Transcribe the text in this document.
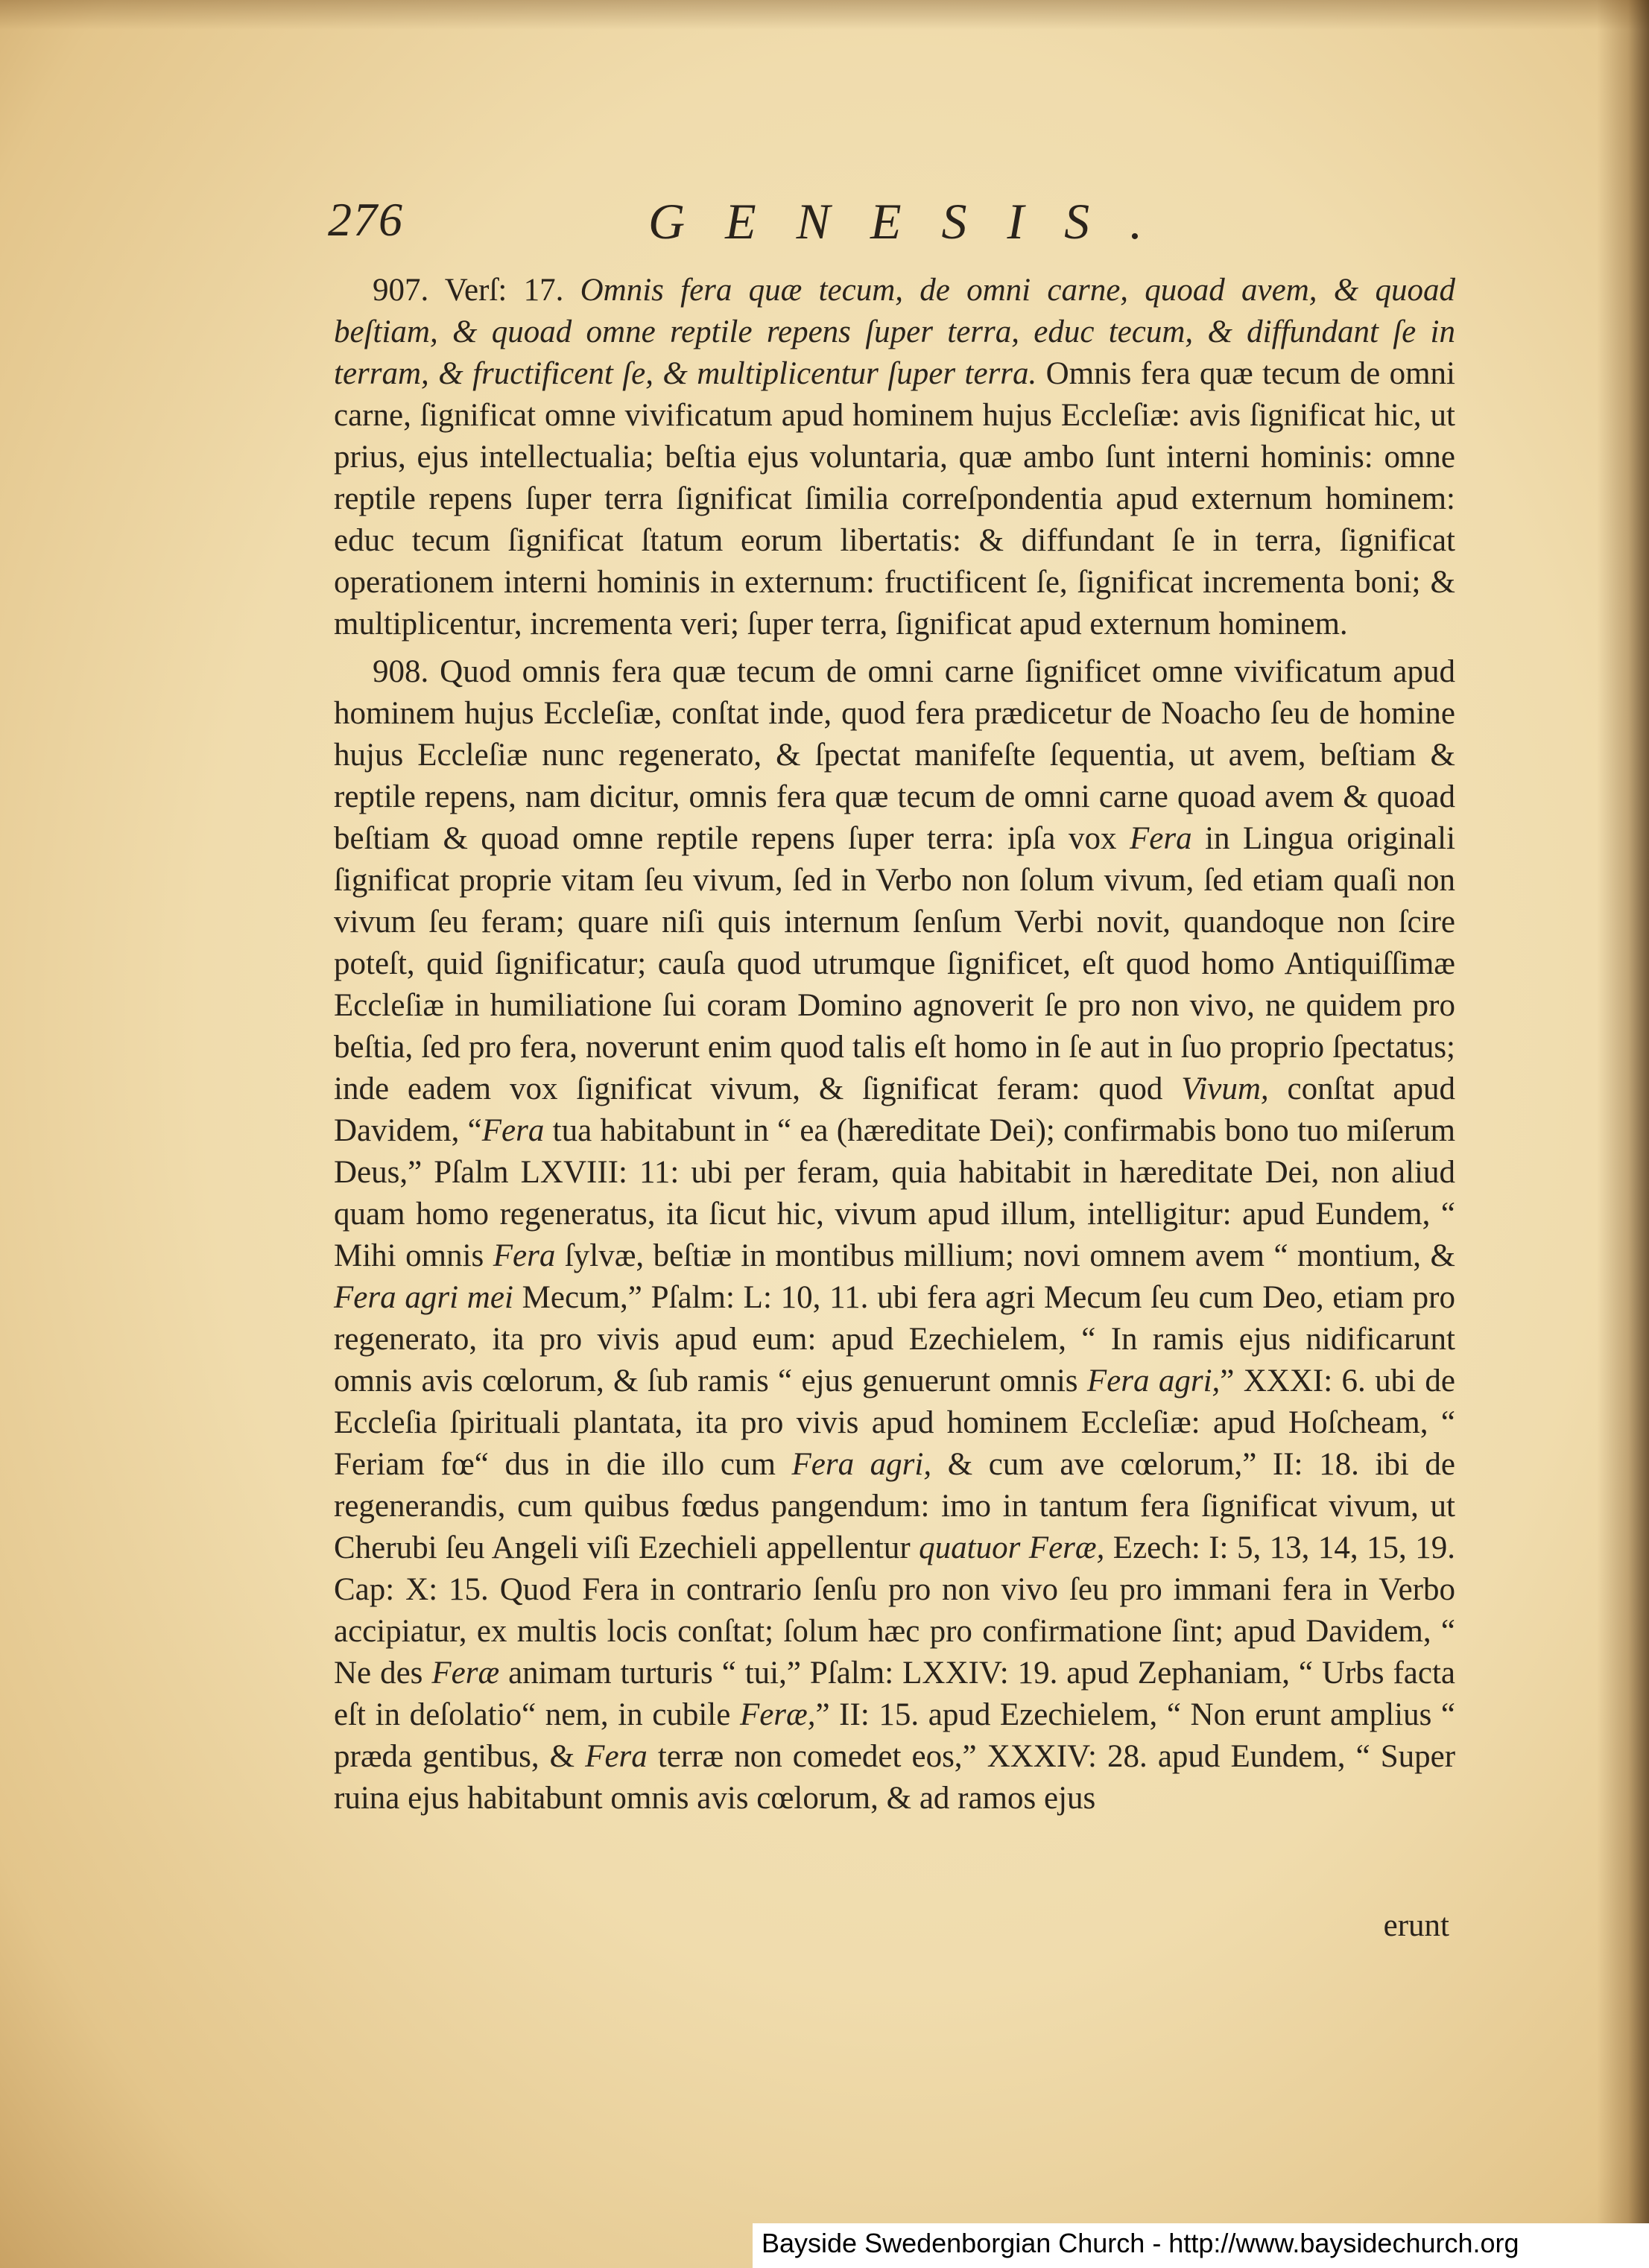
276	GENESIS.

907. Verſ: 17. Omnis fera quæ tecum, de omni carne, quoad avem, & quoad beſtiam, & quoad omne reptile repens ſuper terra, educ tecum, & diffundant ſe in terram, & fructificent ſe, & multiplicentur ſuper terra. Omnis fera quæ tecum de omni carne, ſignificat omne vivificatum apud hominem hujus Eccleſiæ: avis ſignificat hic, ut prius, ejus intellectualia; beſtia ejus voluntaria, quæ ambo ſunt interni hominis: omne reptile repens ſuper terra ſignificat ſimilia correſpondentia apud externum hominem: educ tecum ſignificat ſtatum eorum libertatis: & diffundant ſe in terra, ſignificat operationem interni hominis in externum: fructificent ſe, ſignificat incrementa boni; & multiplicentur, incrementa veri; ſuper terra, ſignificat apud externum hominem.

908. Quod omnis fera quæ tecum de omni carne ſignificet omne vivificatum apud hominem hujus Eccleſiæ, conſtat inde, quod fera prædicetur de Noacho ſeu de homine hujus Eccleſiæ nunc regenerato, & ſpectat manifeſte ſequentia, ut avem, beſtiam & reptile repens, nam dicitur, omnis fera quæ tecum de omni carne quoad avem & quoad beſtiam & quoad omne reptile repens ſuper terra: ipſa vox Fera in Lingua originali ſignificat proprie vitam ſeu vivum, ſed in Verbo non ſolum vivum, ſed etiam quaſi non vivum ſeu feram; quare niſi quis internum ſenſum Verbi novit, quandoque non ſcire poteſt, quid ſignificatur; cauſa quod utrumque ſignificet, eſt quod homo Antiquiſſimæ Eccleſiæ in humiliatione ſui coram Domino agnoverit ſe pro non vivo, ne quidem pro beſtia, ſed pro fera, noverunt enim quod talis eſt homo in ſe aut in ſuo proprio ſpectatus; inde eadem vox ſignificat vivum, & ſignificat feram: quod Vivum, conſtat apud Davidem, “Fera tua habitabunt in “ ea (hæreditate Dei); confirmabis bono tuo miſerum Deus,” Pſalm LXVIII: 11: ubi per feram, quia habitabit in hæreditate Dei, non aliud quam homo regeneratus, ita ſicut hic, vivum apud illum, intelligitur: apud Eundem, “ Mihi omnis Fera ſylvæ, beſtiæ in montibus millium; novi omnem avem “ montium, & Fera agri mei Mecum,” Pſalm: L: 10, 11. ubi fera agri Mecum ſeu cum Deo, etiam pro regenerato, ita pro vivis apud eum: apud Ezechielem, “ In ramis ejus nidificarunt omnis avis cœlorum, & ſub ramis “ ejus genuerunt omnis Fera agri,” XXXI: 6. ubi de Eccleſia ſpirituali plantata, ita pro vivis apud hominem Eccleſiæ: apud Hoſcheam, “ Feriam fœ“ dus in die illo cum Fera agri, & cum ave cœlorum,” II: 18. ibi de regenerandis, cum quibus fœdus pangendum: imo in tantum fera ſignificat vivum, ut Cherubi ſeu Angeli viſi Ezechieli appellentur quatuor Feræ, Ezech: I: 5, 13, 14, 15, 19. Cap: X: 15. Quod Fera in contrario ſenſu pro non vivo ſeu pro immani fera in Verbo accipiatur, ex multis locis conſtat; ſolum hæc pro confirmatione ſint; apud Davidem, “ Ne des Feræ animam turturis “ tui,” Pſalm: LXXIV: 19. apud Zephaniam, “ Urbs facta eſt in deſolatio“ nem, in cubile Feræ,” II: 15. apud Ezechielem, “ Non erunt amplius “ præda gentibus, & Fera terræ non comedet eos,” XXXIV: 28. apud Eundem, “ Super ruina ejus habitabunt omnis avis cœlorum, & ad ramos ejus

erunt
Bayside Swedenborgian Church - http://www.baysidechurch.org
